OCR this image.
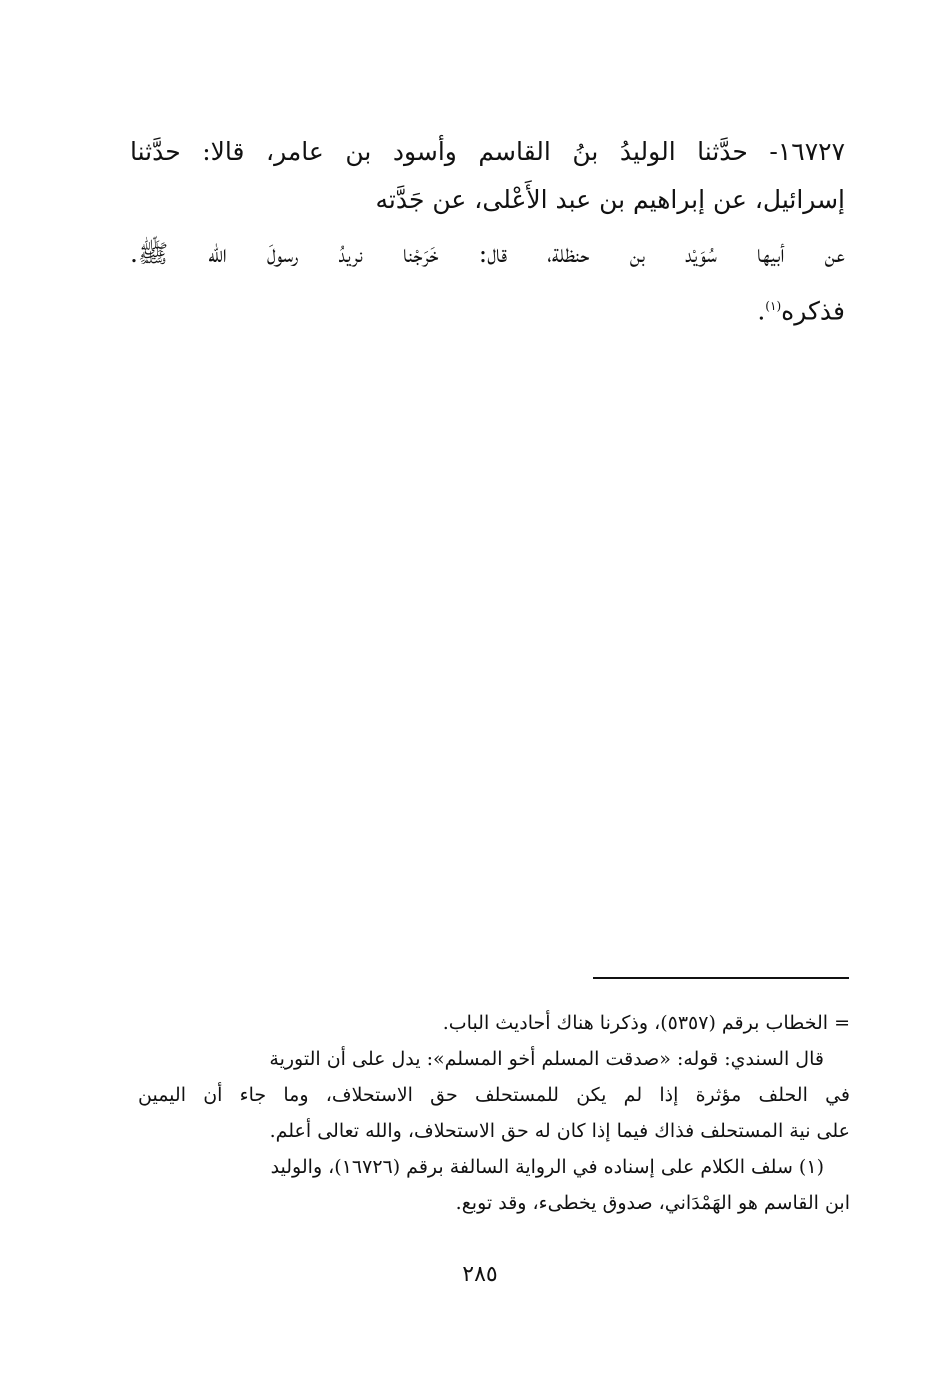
١٦٧٢٧- حدَّثنا الوليدُ بنُ القاسم وأسود بن عامر، قالا: حدَّثنا
إسرائيل، عن إبراهيم بن عبد الأَعْلى، عن جَدَّته
عن أبيها سُوَيْد بن حنظلة، قال: خَرَجْنا نريدُ رسولَ الله ﷺ.
فذكره$^{(١)}$.
= الخطاب برقم (٥٣٥٧)، وذكرنا هناك أحاديث الباب.
قال السندي: قوله: «صدقت المسلم أخو المسلم»: يدل على أن التورية
في الحلف مؤثرة إذا لم يكن للمستحلف حق الاستحلاف، وما جاء أن اليمين
على نية المستحلف فذاك فيما إذا كان له حق الاستحلاف، والله تعالى أعلم.
(١) سلف الكلام على إسناده في الرواية السالفة برقم (١٦٧٢٦)، والوليد
ابن القاسم هو الهَمْدَاني، صدوق يخطىء، وقد توبع.
٢٨٥
